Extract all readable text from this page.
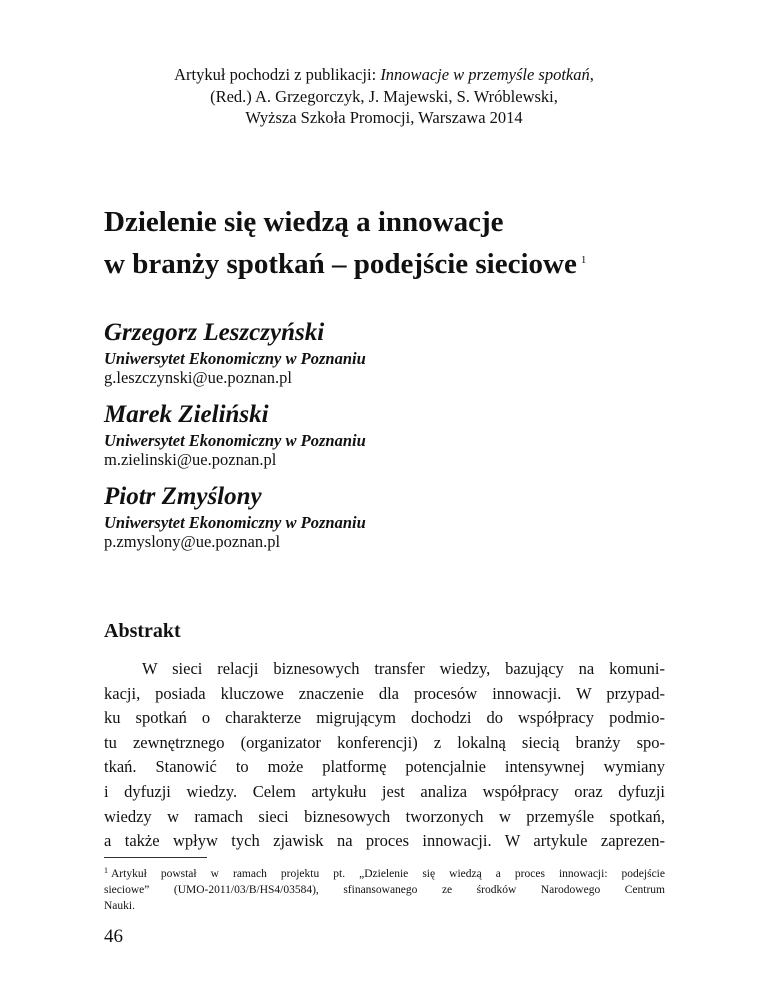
Artykuł pochodzi z publikacji: Innowacje w przemyśle spotkań,
(Red.) A. Grzegorczyk, J. Majewski, S. Wróblewski,
Wyższa Szkoła Promocji, Warszawa 2014
Dzielenie się wiedzą a innowacje
w branży spotkań – podejście sieciowe $^1$
Grzegorz Leszczyński
Uniwersytet Ekonomiczny w Poznaniu
g.leszczynski@ue.poznan.pl
Marek Zieliński
Uniwersytet Ekonomiczny w Poznaniu
m.zielinski@ue.poznan.pl
Piotr Zmyślony
Uniwersytet Ekonomiczny w Poznaniu
p.zmyslony@ue.poznan.pl
Abstrakt

W sieci relacji biznesowych transfer wiedzy, bazujący na komuni-
kacji, posiada kluczowe znaczenie dla procesów innowacji. W przypad-
ku spotkań o charakterze migrującym dochodzi do współpracy podmio-
tu zewnętrznego (organizator konferencji) z lokalną siecią branży spo-
tkań. Stanowić to może platformę potencjalnie intensywnej wymiany
i dyfuzji wiedzy. Celem artykułu jest analiza współpracy oraz dyfuzji
wiedzy w ramach sieci biznesowych tworzonych w przemyśle spotkań,
a także wpływ tych zjawisk na proces innowacji. W artykule zaprezen-

$^1$ Artykuł powstał w ramach projektu pt. „Dzielenie się wiedzą a proces innowacji: podejście
sieciowe” (UMO-2011/03/B/HS4/03584), sfinansowanego ze środków Narodowego Centrum
Nauki.
46
